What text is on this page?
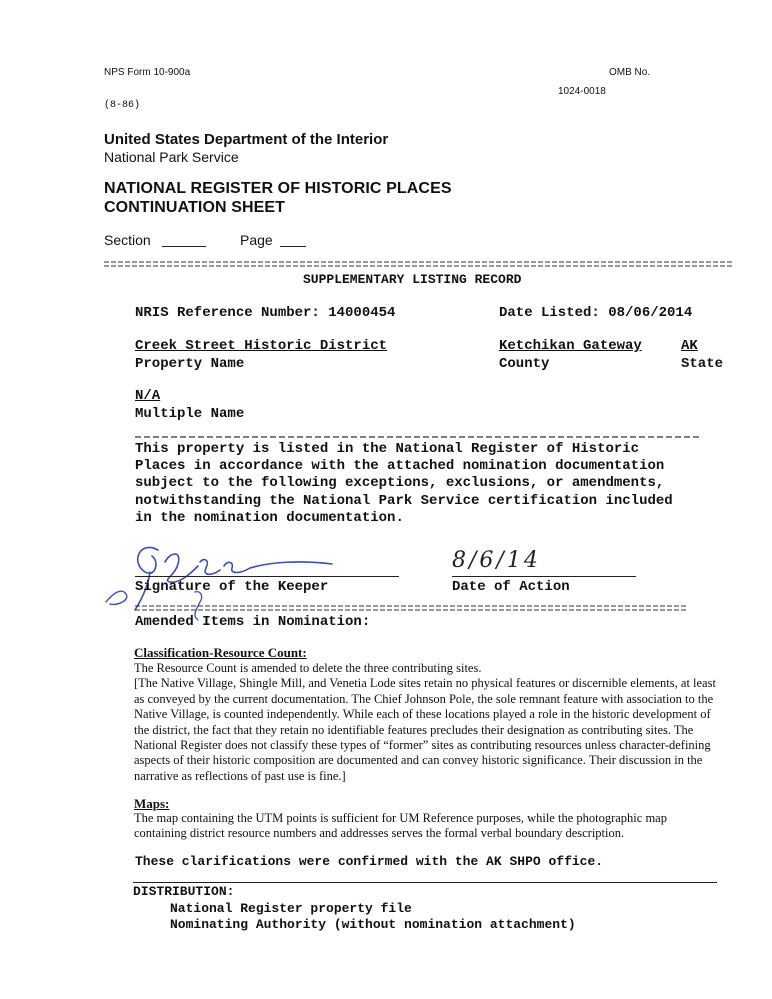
NPS Form 10-900a	OMB No.
1024-0018
(8-86)
United States Department of the Interior
National Park Service
NATIONAL REGISTER OF HISTORIC PLACES
CONTINUATION SHEET
Section	Page
SUPPLEMENTARY LISTING RECORD
NRIS Reference Number: 14000454	Date Listed: 08/06/2014
Creek Street Historic District	Ketchikan Gateway	AK
Property Name	County	State
N/A
Multiple Name
This property is listed in the National Register of Historic
Places in accordance with the attached nomination documentation
subject to the following exceptions, exclusions, or amendments,
notwithstanding the National Park Service certification included
in the nomination documentation.
8/6/14
Signature of the Keeper	Date of Action
Amended Items in Nomination:
Classification-Resource Count:
The Resource Count is amended to delete the three contributing sites.
[The Native Village, Shingle Mill, and Venetia Lode sites retain no physical features or discernible elements, at least
as conveyed by the current documentation. The Chief Johnson Pole, the sole remnant feature with association to the
Native Village, is counted independently. While each of these locations played a role in the historic development of
the district, the fact that they retain no identifiable features precludes their designation as contributing sites. The
National Register does not classify these types of “former” sites as contributing resources unless character-defining
aspects of their historic composition are documented and can convey historic significance. Their discussion in the
narrative as reflections of past use is fine.]
Maps:
The map containing the UTM points is sufficient for UM Reference purposes, while the photographic map
containing district resource numbers and addresses serves the formal verbal boundary description.
These clarifications were confirmed with the AK SHPO office.
DISTRIBUTION:
National Register property file
Nominating Authority (without nomination attachment)
